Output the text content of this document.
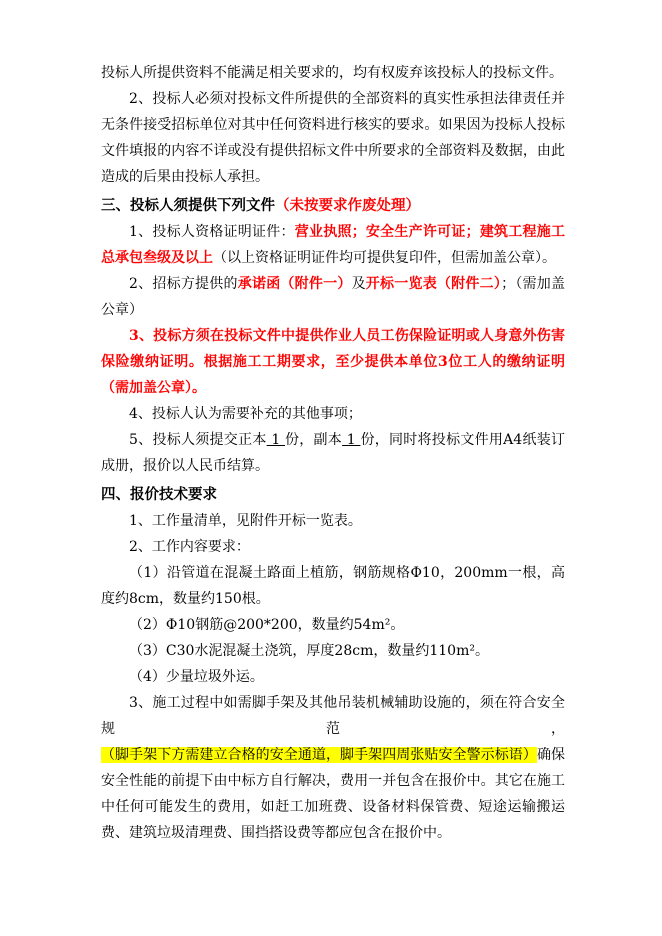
投标人所提供资料不能满足相关要求的，均有权废弃该投标人的投标文件。

2、投标人必须对投标文件所提供的全部资料的真实性承担法律责任并无条件接受招标单位对其中任何资料进行核实的要求。如果因为投标人投标文件填报的内容不详或没有提供招标文件中所要求的全部资料及数据，由此造成的后果由投标人承担。

三、投标人须提供下列文件（未按要求作废处理）

1、投标人资格证明证件：营业执照；安全生产许可证；建筑工程施工总承包叁级及以上（以上资格证明证件均可提供复印件，但需加盖公章）。

2、招标方提供的承诺函（附件一）及开标一览表（附件二）；（需加盖公章）

3、投标方须在投标文件中提供作业人员工伤保险证明或人身意外伤害保险缴纳证明。根据施工工期要求，至少提供本单位3位工人的缴纳证明（需加盖公章）。

4、投标人认为需要补充的其他事项；

5、投标人须提交正本 1 份，副本 1 份，同时将投标文件用A4纸装订成册，报价以人民币结算。

四、报价技术要求

1、工作量清单，见附件开标一览表。

2、工作内容要求：

（1）沿管道在混凝土路面上植筋，钢筋规格Φ10，200mm一根，高度约8cm，数量约150根。

（2）Φ10钢筋@200*200，数量约54m²。

（3）C30水泥混凝土浇筑，厚度28cm，数量约110m²。

（4）少量垃圾外运。

3、施工过程中如需脚手架及其他吊装机械辅助设施的，须在符合安全规范，（脚手架下方需建立合格的安全通道，脚手架四周张贴安全警示标语）确保安全性能的前提下由中标方自行解决，费用一并包含在报价中。其它在施工中任何可能发生的费用，如赶工加班费、设备材料保管费、短途运输搬运费、建筑垃圾清理费、围挡搭设费等都应包含在报价中。
